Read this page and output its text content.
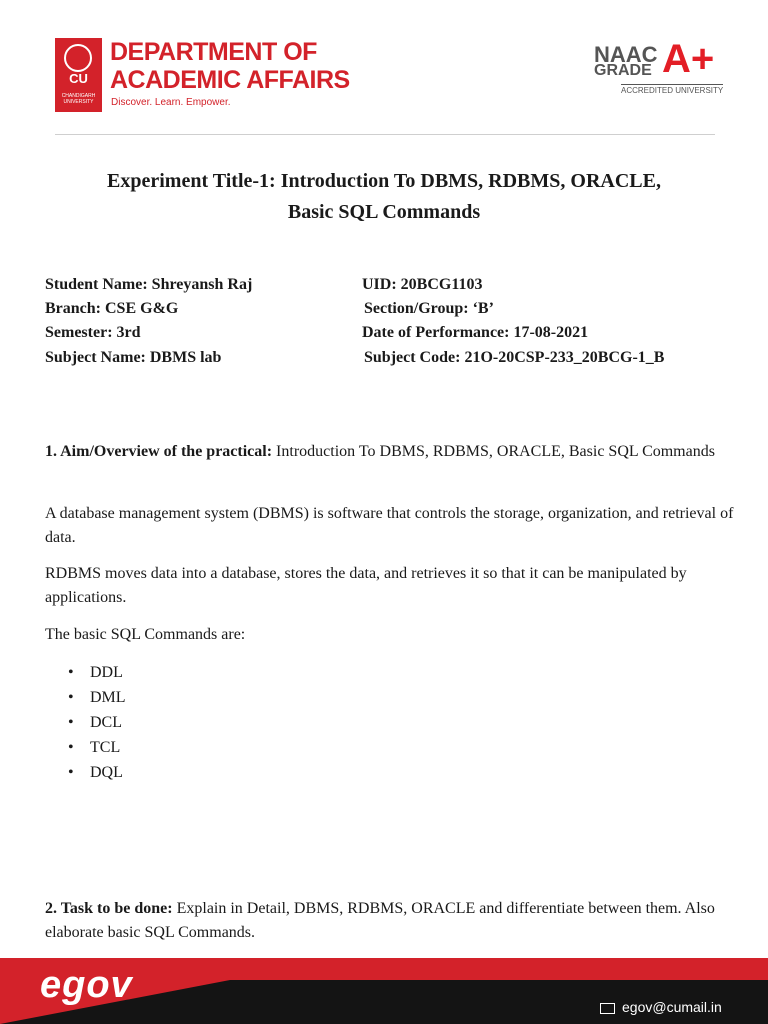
CU
CHANDIGARH UNIVERSITY
DEPARTMENT OF
ACADEMIC AFFAIRS
Discover. Learn. Empower.
NAAC
GRADE A+
ACCREDITED UNIVERSITY
Experiment Title-1: Introduction To DBMS, RDBMS, ORACLE,
Basic SQL Commands
Student Name: Shreyansh Raj	UID: 20BCG1103
Branch: CSE G&G	Section/Group: ‘B’
Semester: 3rd	Date of Performance: 17-08-2021
Subject Name: DBMS lab	Subject Code: 21O-20CSP-233_20BCG-1_B
1. Aim/Overview of the practical: Introduction To DBMS, RDBMS, ORACLE, Basic SQL Commands
A database management system (DBMS) is software that controls the storage, organization, and retrieval of data.
RDBMS moves data into a database, stores the data, and retrieves it so that it can be manipulated by applications.
The basic SQL Commands are:
• DDL
• DML
• DCL
• TCL
• DQL
2. Task to be done: Explain in Detail, DBMS, RDBMS, ORACLE and differentiate between them. Also elaborate basic SQL Commands.
egov
egov@cumail.in
